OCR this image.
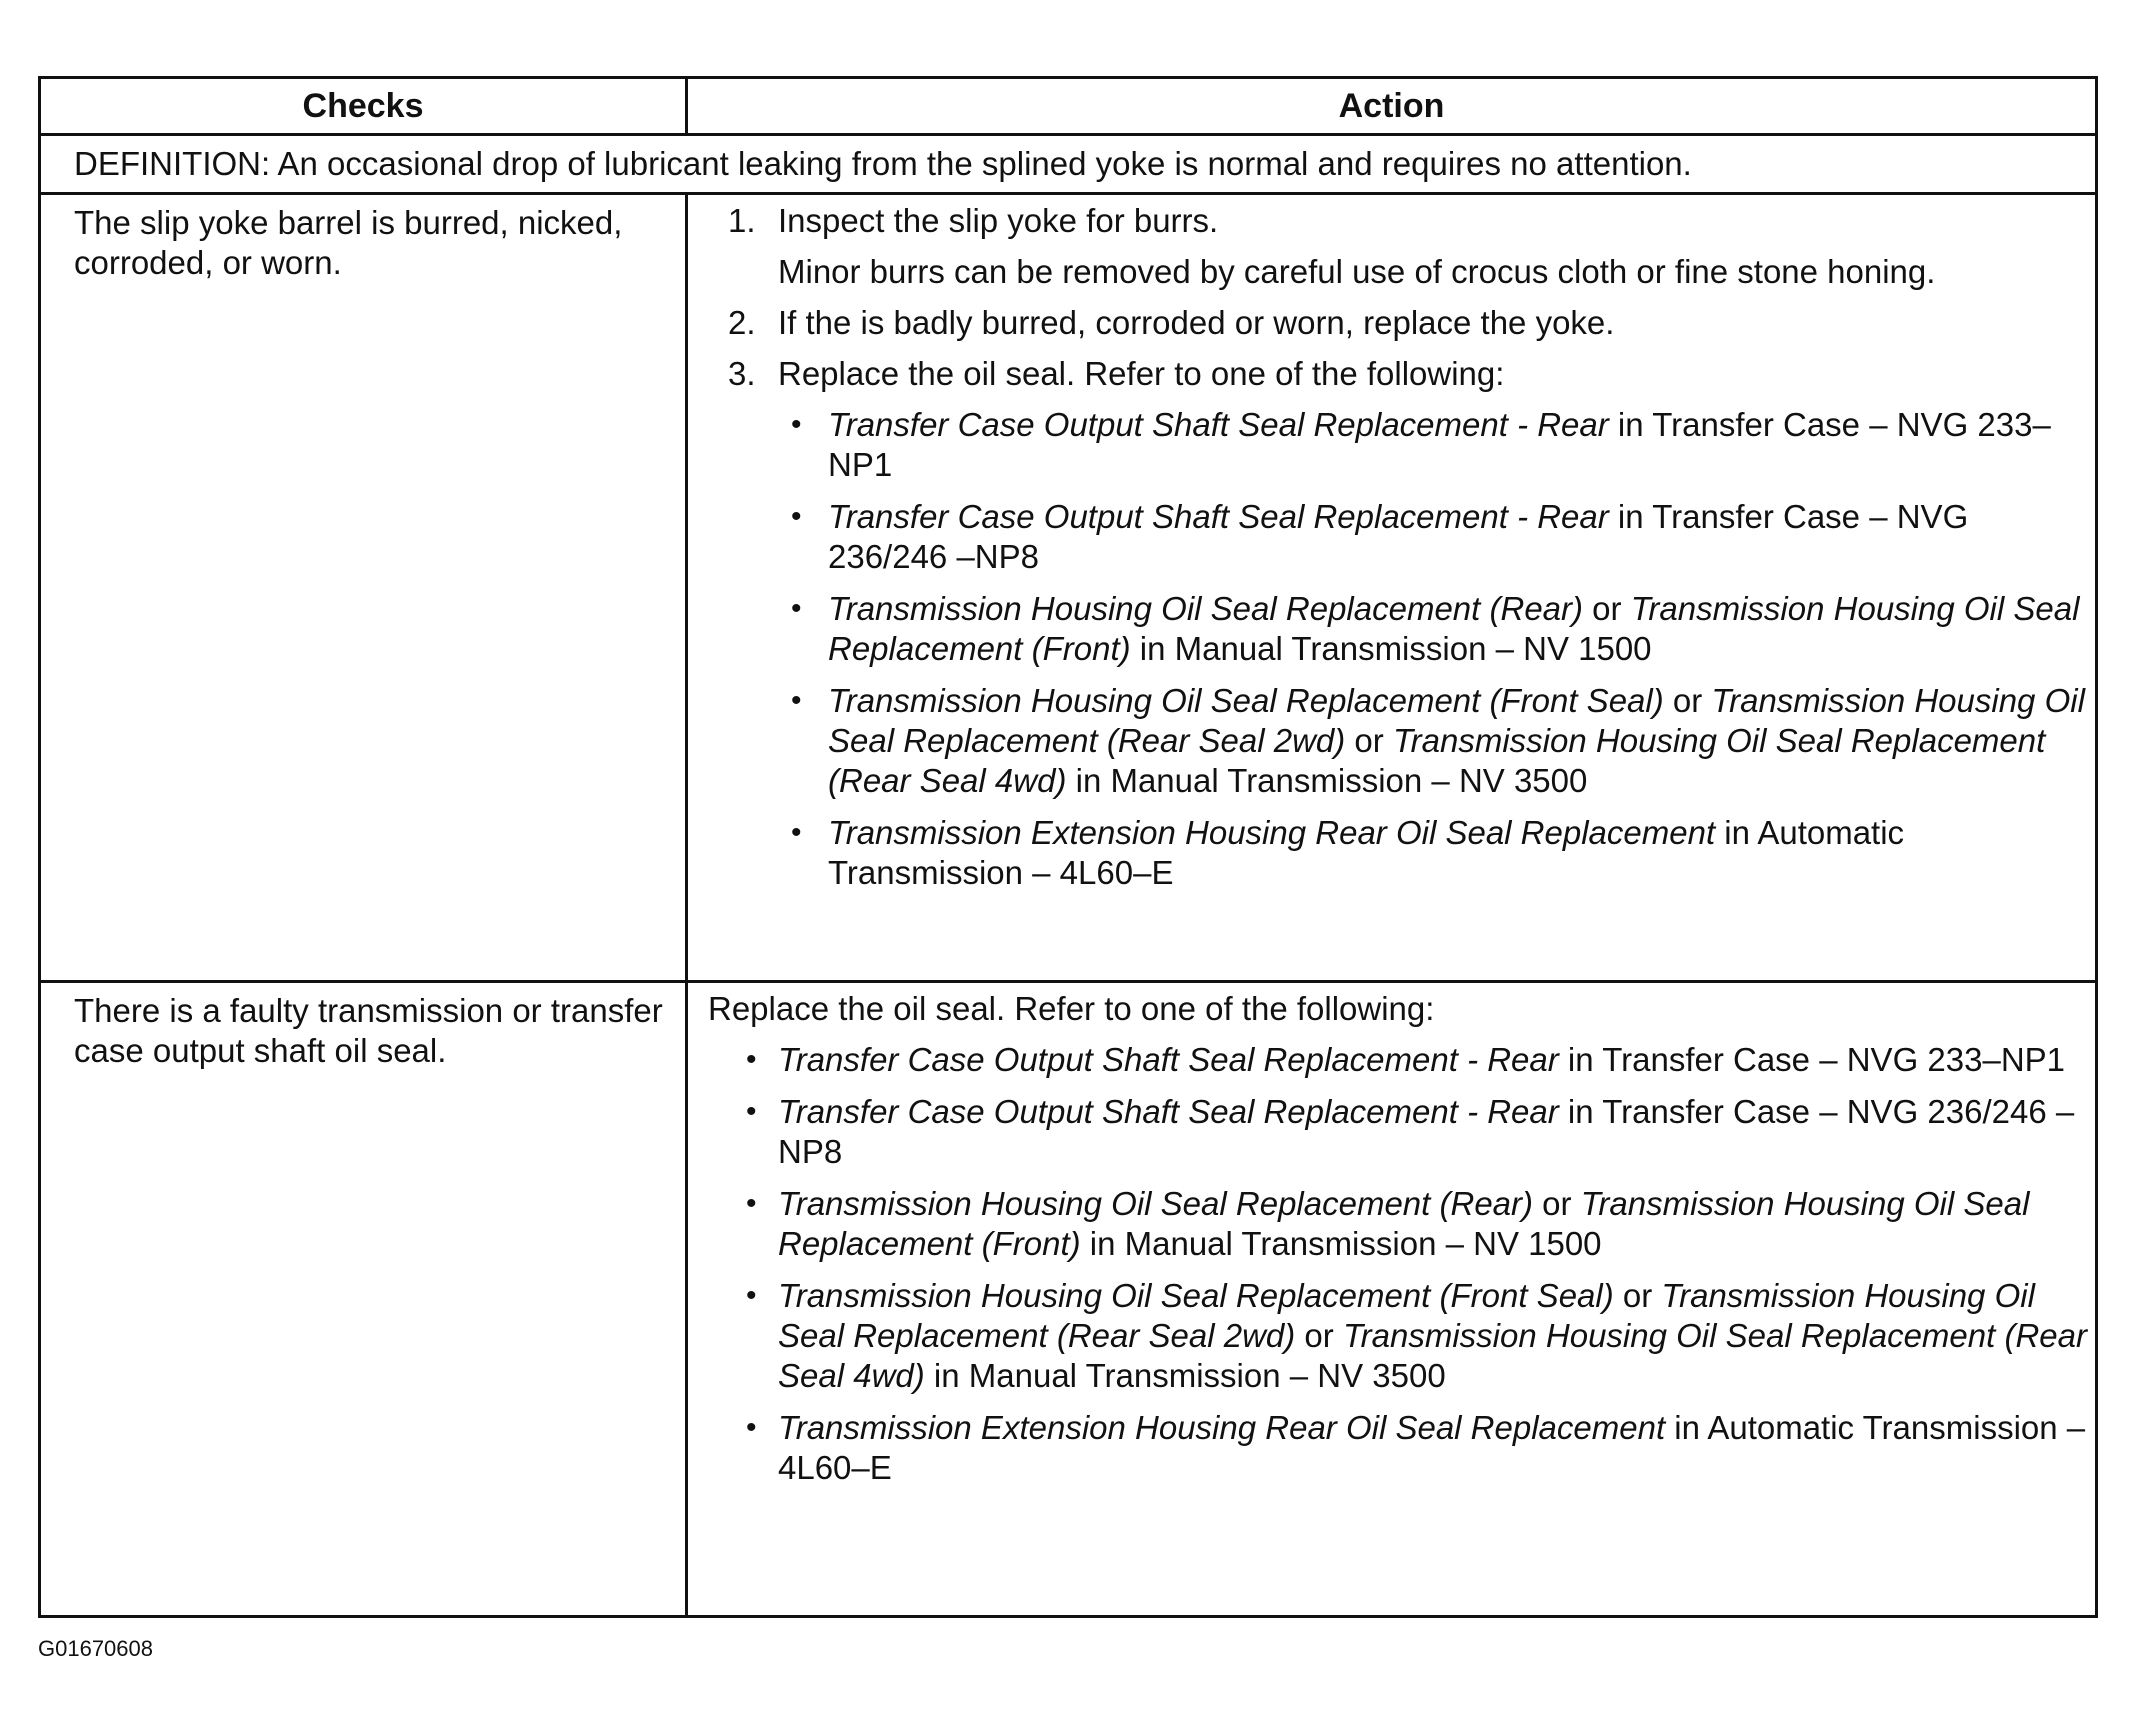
Checks	Action
DEFINITION: An occasional drop of lubricant leaking from the splined yoke is normal and requires no attention.
The slip yoke barrel is burred, nicked, corroded, or worn.
1. Inspect the slip yoke for burrs.
Minor burrs can be removed by careful use of crocus cloth or fine stone honing.
2. If the is badly burred, corroded or worn, replace the yoke.
3. Replace the oil seal. Refer to one of the following:
• Transfer Case Output Shaft Seal Replacement - Rear in Transfer Case – NVG 233–NP1
• Transfer Case Output Shaft Seal Replacement - Rear in Transfer Case – NVG 236/246 –NP8
• Transmission Housing Oil Seal Replacement (Rear) or Transmission Housing Oil Seal Replacement (Front) in Manual Transmission – NV 1500
• Transmission Housing Oil Seal Replacement (Front Seal) or Transmission Housing Oil Seal Replacement (Rear Seal 2wd) or Transmission Housing Oil Seal Replacement (Rear Seal 4wd) in Manual Transmission – NV 3500
• Transmission Extension Housing Rear Oil Seal Replacement in Automatic Transmission – 4L60–E
There is a faulty transmission or transfer case output shaft oil seal.
Replace the oil seal. Refer to one of the following:
• Transfer Case Output Shaft Seal Replacement - Rear in Transfer Case – NVG 233–NP1
• Transfer Case Output Shaft Seal Replacement - Rear in Transfer Case – NVG 236/246 –NP8
• Transmission Housing Oil Seal Replacement (Rear) or Transmission Housing Oil Seal Replacement (Front) in Manual Transmission – NV 1500
• Transmission Housing Oil Seal Replacement (Front Seal) or Transmission Housing Oil Seal Replacement (Rear Seal 2wd) or Transmission Housing Oil Seal Replacement (Rear Seal 4wd) in Manual Transmission – NV 3500
• Transmission Extension Housing Rear Oil Seal Replacement in Automatic Transmission – 4L60–E
G01670608
